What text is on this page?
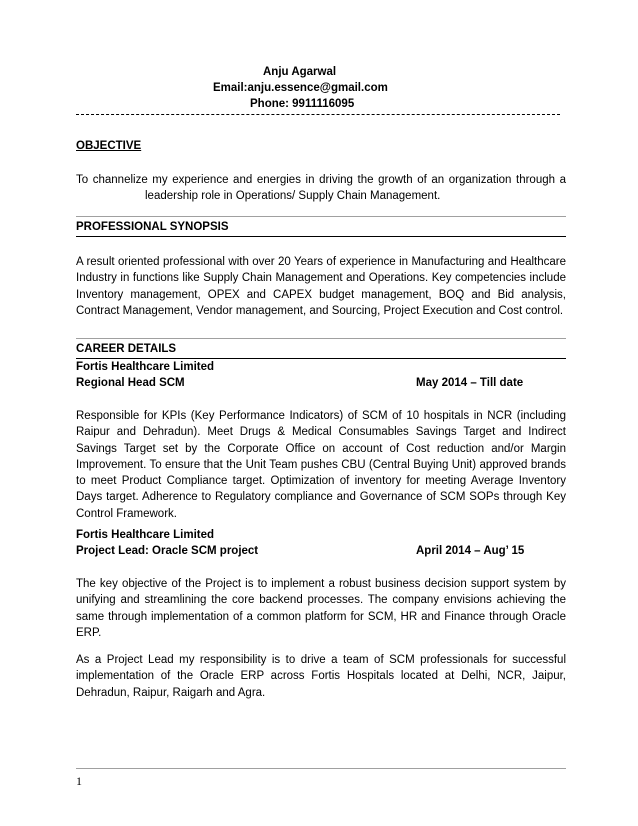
Anju Agarwal
Email:anju.essence@gmail.com
Phone: 9911116095
OBJECTIVE

To channelize my experience and energies in driving the growth of an organization through a

leadership role in Operations/ Supply Chain Management.

PROFESSIONAL SYNOPSIS
A result oriented professional with over 20 Years of experience in Manufacturing and Healthcare Industry in functions like Supply Chain Management and Operations. Key competencies include Inventory management, OPEX and CAPEX budget management, BOQ and Bid analysis, Contract Management, Vendor management, and Sourcing, Project Execution and Cost control.
CAREER DETAILS
Fortis Healthcare Limited
Regional Head SCM	May 2014 – Till date
Responsible for KPIs (Key Performance Indicators) of SCM of 10 hospitals in NCR (including Raipur and Dehradun). Meet Drugs & Medical Consumables Savings Target and Indirect Savings Target set by the Corporate Office on account of Cost reduction and/or Margin Improvement. To ensure that the Unit Team pushes CBU (Central Buying Unit) approved brands to meet Product Compliance target. Optimization of inventory for meeting Average Inventory Days target. Adherence to Regulatory compliance and Governance of SCM SOPs through Key Control Framework.
Fortis Healthcare Limited
Project Lead: Oracle SCM project	April 2014 – Aug’ 15
The key objective of the Project is to implement a robust business decision support system by unifying and streamlining the core backend processes. The company envisions achieving the same through implementation of a common platform for SCM, HR and Finance through Oracle ERP.
As a Project Lead my responsibility is to drive a team of SCM professionals for successful implementation of the Oracle ERP across Fortis Hospitals located at Delhi, NCR, Jaipur, Dehradun, Raipur, Raigarh and Agra.
1
